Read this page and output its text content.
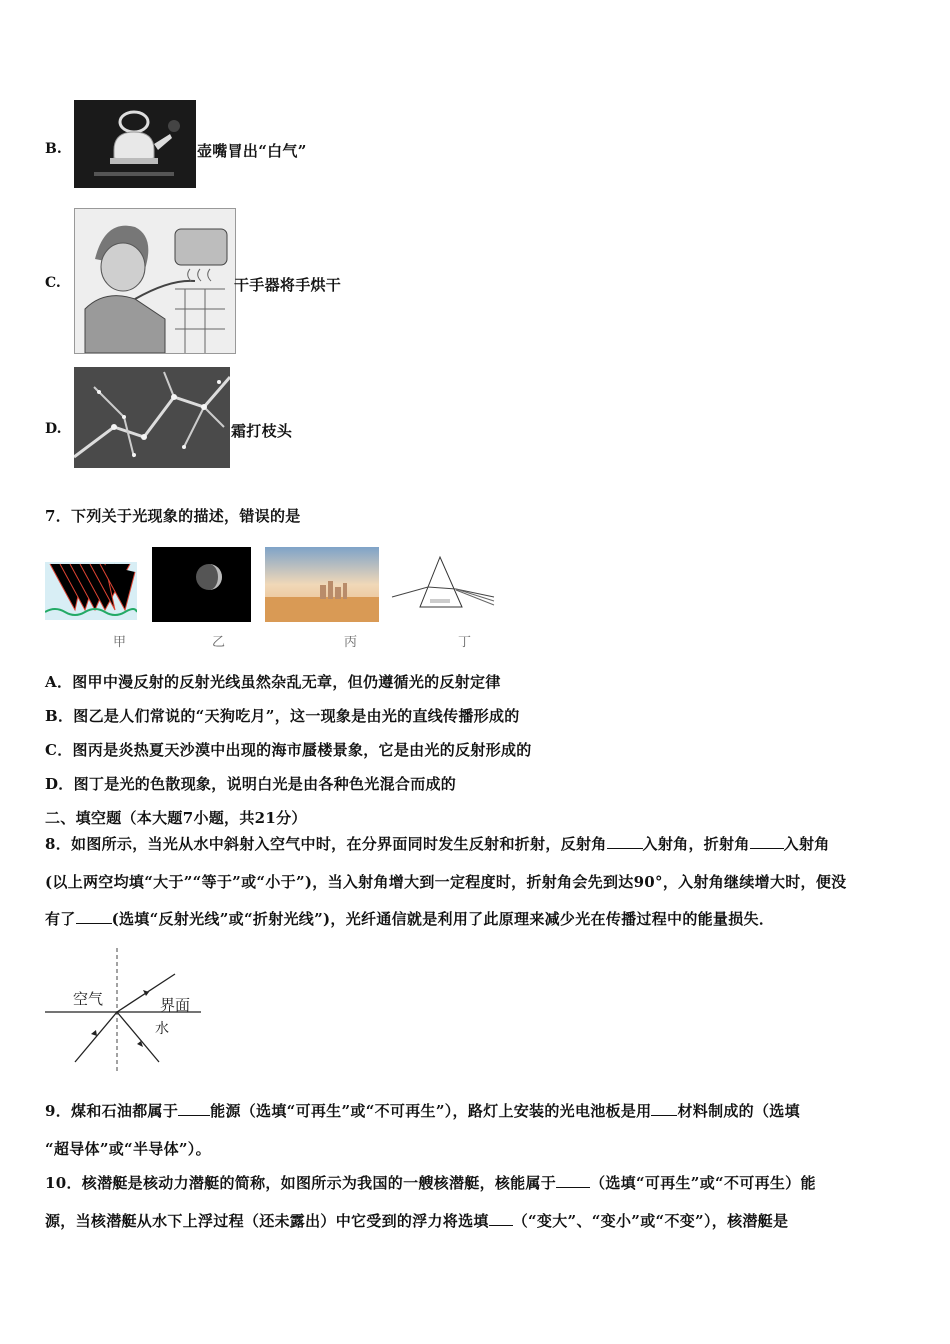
B.	壶嘴冒出“白气”
C.	干手器将手烘干
D.	霜打枝头
7．下列关于光现象的描述，错误的是
甲	乙	丙	丁
A．图甲中漫反射的反射光线虽然杂乱无章，但仍遵循光的反射定律
B．图乙是人们常说的“天狗吃月”，这一现象是由光的直线传播形成的
C．图丙是炎热夏天沙漠中出现的海市蜃楼景象，它是由光的反射形成的
D．图丁是光的色散现象，说明白光是由各种色光混合而成的
二、填空题（本大题7小题，共21分）
8．如图所示，当光从水中斜射入空气中时，在分界面同时发生反射和折射，反射角 入射角，折射角 入射角
(以上两空均填“大于”“等于”或“小于”)，当入射角增大到一定程度时，折射角会先到达90°，入射角继续增大时，便没
有了 (选填“反射光线”或“折射光线”)，光纤通信就是利用了此原理来减少光在传播过程中的能量损失．
空气	界面
水
9．煤和石油都属于 能源（选填“可再生”或“不可再生”），路灯上安装的光电池板是用 材料制成的（选填
“超导体”或“半导体”）。
10．核潜艇是核动力潜艇的简称，如图所示为我国的一艘核潜艇，核能属于 （选填“可再生”或“不可再生）能
源，当核潜艇从水下上浮过程（还未露出）中它受到的浮力将选填 （“变大”、“变小”或“不变”），核潜艇是
